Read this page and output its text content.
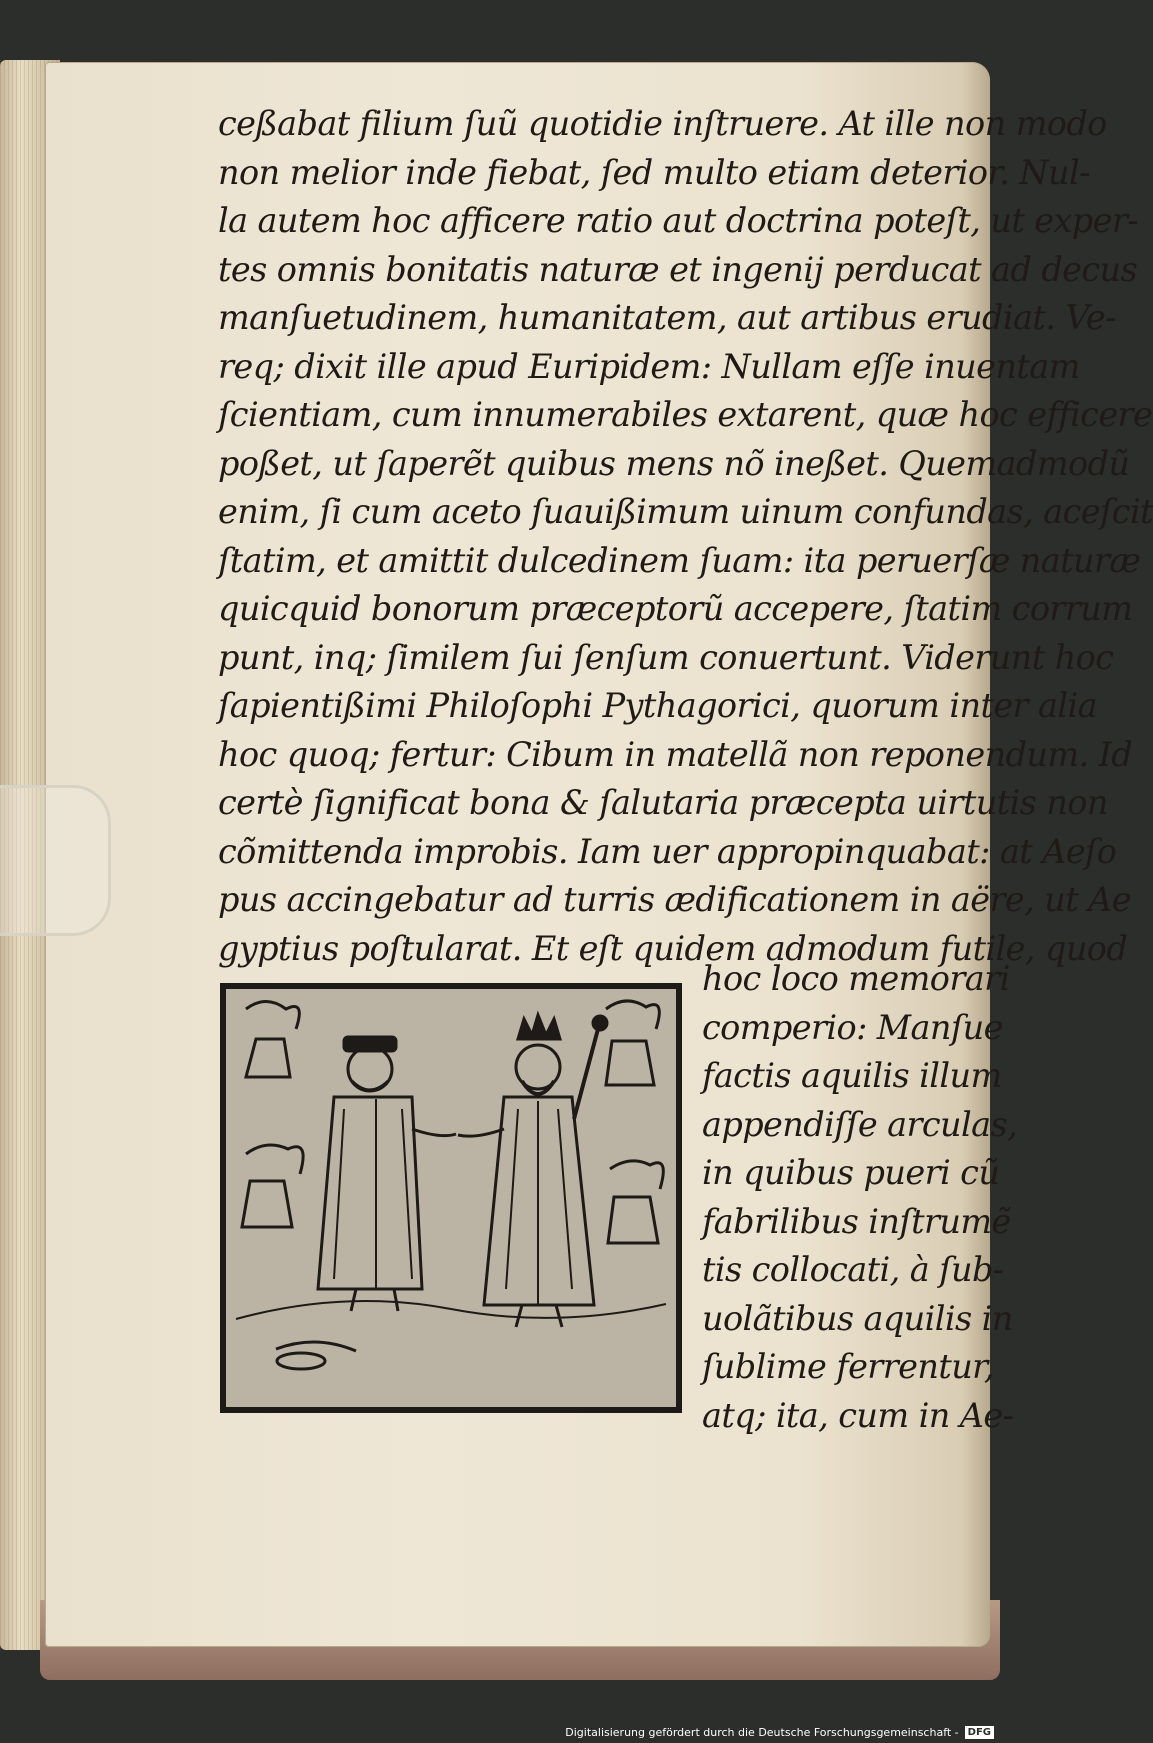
ceßabat filium ſuũ quotidie inſtruere. At ille non modo
non melior inde fiebat, ſed multo etiam deterior. Nul-
la autem hoc afficere ratio aut doctrina poteſt, ut exper-
tes omnis bonitatis naturæ et ingenij perducat ad decus
manſuetudinem, humanitatem, aut artibus erudiat. Ve-
req; dixit ille apud Euripidem: Nullam eſſe inuentam
ſcientiam, cum innumerabiles extarent, quæ hoc efficere
poßet, ut ſaperẽt quibus mens nõ ineßet. Quemadmodũ
enim, ſi cum aceto ſuauißimum uinum confundas, aceſcit
ſtatim, et amittit dulcedinem ſuam: ita peruerſæ naturæ
quicquid bonorum præceptorũ accepere, ſtatim corrum
punt, inq; ſimilem ſui ſenſum conuertunt. Viderunt hoc
ſapientißimi Philoſophi Pythagorici, quorum inter alia
hoc quoq; fertur: Cibum in matellã non reponendum. Id
certè ſignificat bona & ſalutaria præcepta uirtutis non
cõmittenda improbis. Iam uer appropinquabat: at Aeſo
pus accingebatur ad turris ædificationem in aëre, ut Ae
gyptius poſtularat. Et eſt quidem admodum futile, quod
hoc loco memorari
comperio: Manſue
factis aquilis illum
appendiſſe arculas,
in quibus pueri cũ
fabrilibus inſtrumẽ
tis collocati, à ſub-
uolãtibus aquilis in
ſublime ferrentur,
atq; ita, cum in Ae-
Digitalisierung gefördert durch die Deutsche Forschungsgemeinschaft - DFG
